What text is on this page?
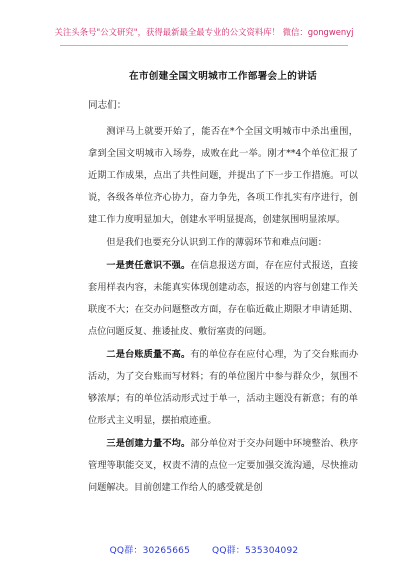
关注头条号"公文研究"，获得最新最全最专业的公文资料库！ 微信：gongwenyj
在市创建全国文明城市工作部署会上的讲话
同志们：

测评马上就要开始了，能否在*个全国文明城市中杀出重围，拿到全国文明城市入场券，成败在此一举。刚才**4个单位汇报了近期工作成果，点出了共性问题，并提出了下一步工作措施。可以说，各级各单位齐心协力，奋力争先，各项工作扎实有序进行，创建工作力度明显加大，创建水平明显提高，创建氛围明显浓厚。

但是我们也要充分认识到工作的薄弱环节和难点问题：

一是责任意识不强。在信息报送方面，存在应付式报送，直接套用样表内容，未能真实体现创建动态，报送的内容与创建工作关联度不大；在交办问题整改方面，存在临近截止期限才申请延期、点位问题反复、推诿扯皮、敷衍塞责的问题。

二是台账质量不高。有的单位存在应付心理，为了交台账而办活动，为了交台账而写材料；有的单位图片中参与群众少，氛围不够浓厚；有的单位活动形式过于单一，活动主题没有新意；有的单位形式主义明显，摆拍痕迹重。

三是创建力量不均。部分单位对于交办问题中环境整治、秩序管理等职能交叉，权责不清的点位一定要加强交流沟通，尽快推动问题解决。目前创建工作给人的感受就是创

QQ群：30265665 QQ群：535304092
